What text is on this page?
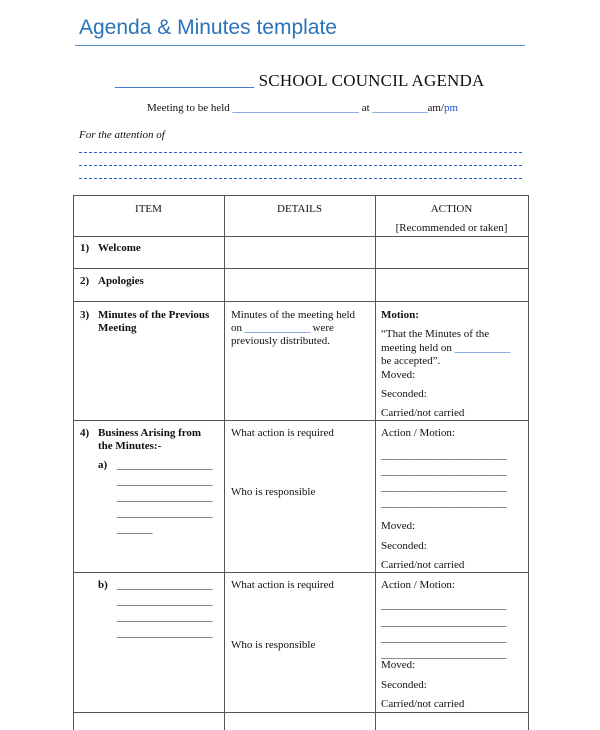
Agenda & Minutes template
________________ SCHOOL COUNCIL AGENDA
Meeting to be held _______________________ at __________am/pm
For the attention of
ITEM	DETAILS	ACTION
[Recommended or taken]
1) Welcome
2) Apologies
3) Minutes of the Previous
Meeting
Minutes of the meeting held
on _____________ were
previously distributed.
Motion:
“That the Minutes of the
meeting held on ___________
be accepted”.
Moved:
Seconded:
Carried/not carried
4) Business Arising from
the Minutes:-
a) ___________________
___________________
___________________
___________________
_______
What action is required
Who is responsible
Action / Motion:
_________________________
_________________________
_________________________
_________________________
Moved:
Seconded:
Carried/not carried
b) ___________________
___________________
___________________
___________________
What action is required
Who is responsible
Action / Motion:
_________________________
_________________________
_________________________
_________________________
Moved:
Seconded:
Carried/not carried
